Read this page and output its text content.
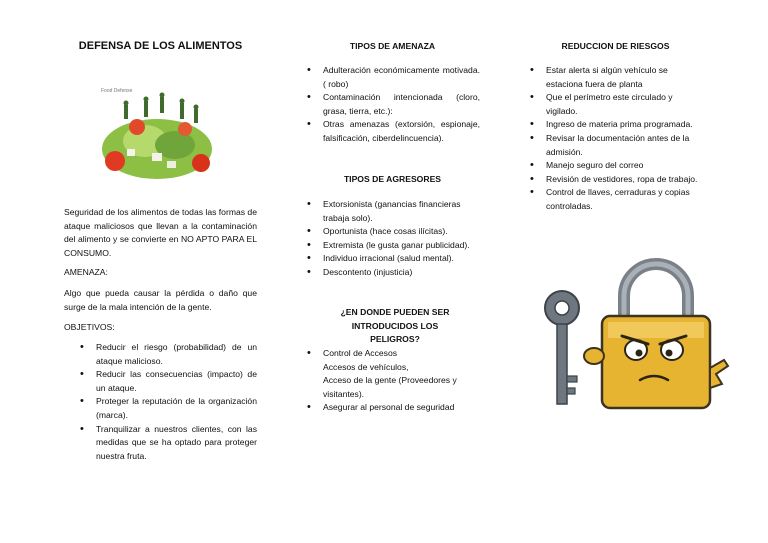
DEFENSA DE LOS ALIMENTOS
Food Defense

Seguridad de los alimentos de todas las formas de ataque maliciosos que llevan a la contaminación del alimento y se convierte en NO APTO PARA EL CONSUMO.

AMENAZA:

Algo que pueda causar la pérdida o daño que surge de la mala intención de la gente.

OBJETIVOS:

• Reducir el riesgo (probabilidad) de un ataque malicioso.
• Reducir las consecuencias (impacto) de un ataque.
• Proteger la reputación de la organización (marca).
• Tranquilizar a nuestros clientes, con las medidas que se ha optado para proteger nuestra fruta.
TIPOS DE AMENAZA
• Adulteración económicamente motivada.( robo)
• Contaminación intencionada (cloro, grasa, tierra, etc.):
• Otras amenazas (extorsión, espionaje, falsificación, ciberdelincuencia).
TIPOS DE AGRESORES
• Extorsionista (ganancias financieras trabaja solo).
• Oportunista (hace cosas ilícitas).
• Extremista (le gusta ganar publicidad).
• Individuo irracional (salud mental).
• Descontento (injusticia)
¿EN DONDE PUEDEN SER INTRODUCIDOS LOS PELIGROS?
• Control de Accesos
Accesos de vehículos,
Acceso de la gente (Proveedores y visitantes).
• Asegurar al personal de seguridad
REDUCCION DE RIESGOS
• Estar alerta si algún vehículo se estaciona fuera de planta
• Que el perímetro este circulado y vigilado.
• Ingreso de materia prima programada.
• Revisar la documentación antes de la admisión.
• Manejo seguro del correo
• Revisión de vestidores, ropa de trabajo.
• Control de llaves, cerraduras y copias controladas.
